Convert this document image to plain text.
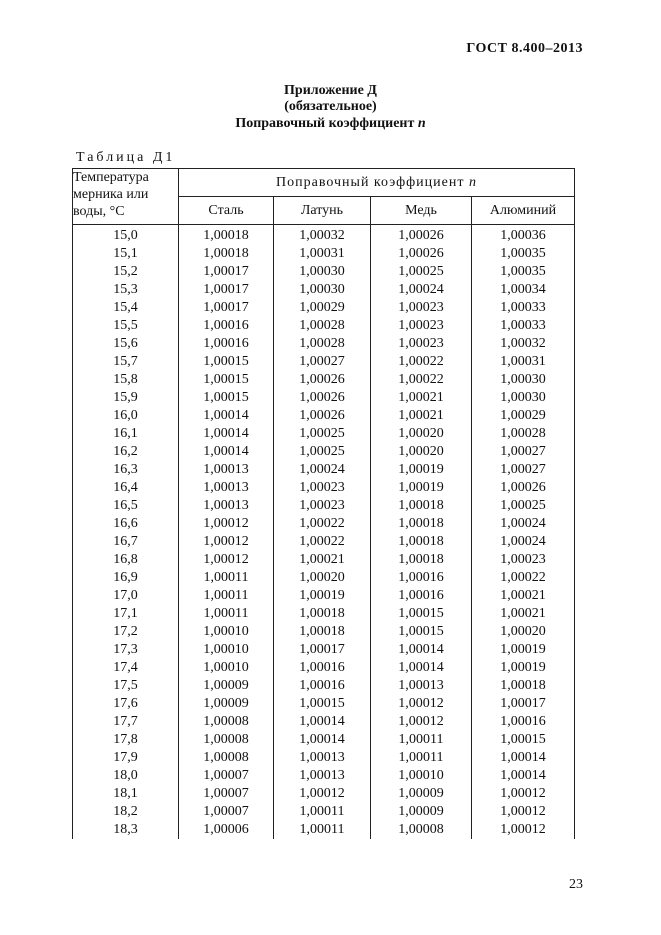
ГОСТ 8.400–2013
Приложение Д
(обязательное)
Поправочный коэффициент n
Таблица Д1
Температура
мерника или
воды, °С	Поправочный коэффициент n			
	Сталь	Латунь	Медь	Алюминий
15,0	1,00018	1,00032	1,00026	1,00036
15,1	1,00018	1,00031	1,00026	1,00035
15,2	1,00017	1,00030	1,00025	1,00035
15,3	1,00017	1,00030	1,00024	1,00034
15,4	1,00017	1,00029	1,00023	1,00033
15,5	1,00016	1,00028	1,00023	1,00033
15,6	1,00016	1,00028	1,00023	1,00032
15,7	1,00015	1,00027	1,00022	1,00031
15,8	1,00015	1,00026	1,00022	1,00030
15,9	1,00015	1,00026	1,00021	1,00030
16,0	1,00014	1,00026	1,00021	1,00029
16,1	1,00014	1,00025	1,00020	1,00028
16,2	1,00014	1,00025	1,00020	1,00027
16,3	1,00013	1,00024	1,00019	1,00027
16,4	1,00013	1,00023	1,00019	1,00026
16,5	1,00013	1,00023	1,00018	1,00025
16,6	1,00012	1,00022	1,00018	1,00024
16,7	1,00012	1,00022	1,00018	1,00024
16,8	1,00012	1,00021	1,00018	1,00023
16,9	1,00011	1,00020	1,00016	1,00022
17,0	1,00011	1,00019	1,00016	1,00021
17,1	1,00011	1,00018	1,00015	1,00021
17,2	1,00010	1,00018	1,00015	1,00020
17,3	1,00010	1,00017	1,00014	1,00019
17,4	1,00010	1,00016	1,00014	1,00019
17,5	1,00009	1,00016	1,00013	1,00018
17,6	1,00009	1,00015	1,00012	1,00017
17,7	1,00008	1,00014	1,00012	1,00016
17,8	1,00008	1,00014	1,00011	1,00015
17,9	1,00008	1,00013	1,00011	1,00014
18,0	1,00007	1,00013	1,00010	1,00014
18,1	1,00007	1,00012	1,00009	1,00012
18,2	1,00007	1,00011	1,00009	1,00012
18,3	1,00006	1,00011	1,00008	1,00012
23
